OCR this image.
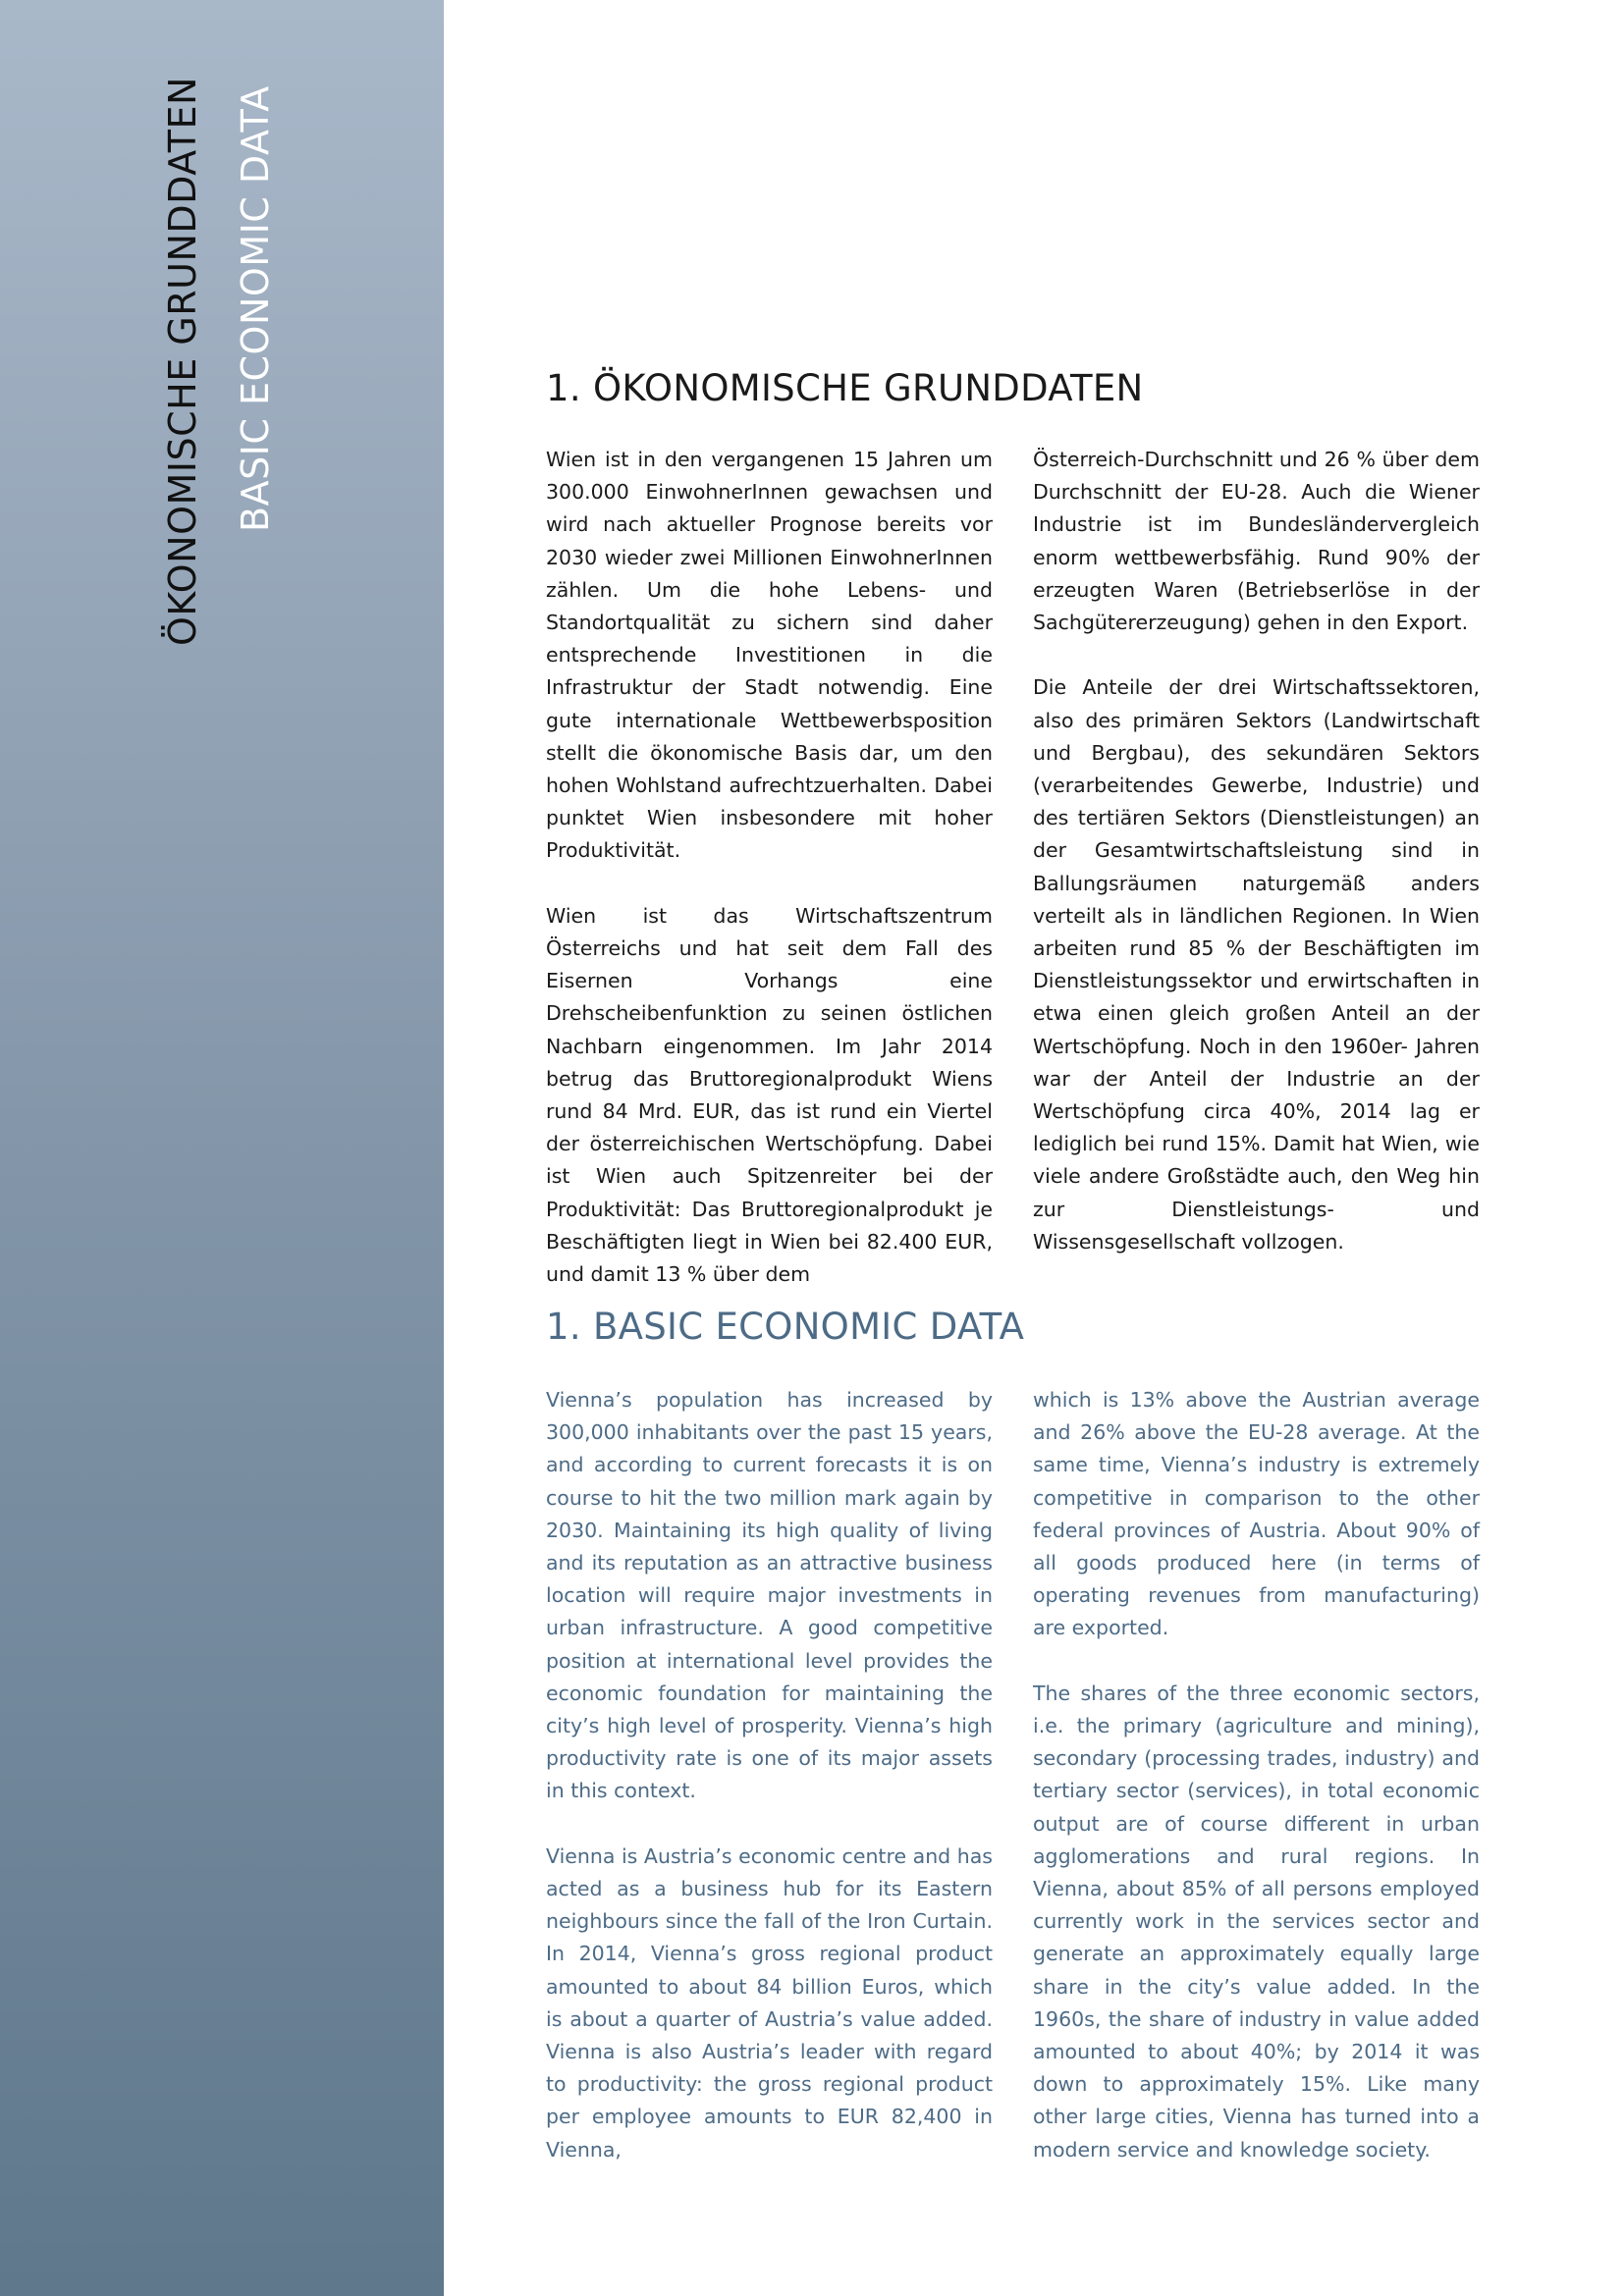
ÖKONOMISCHE GRUNDDATEN BASIC ECONOMIC DATA	1. ÖKONOMISCHE GRUNDDATEN

Wien ist in den vergangenen 15 Jahren um 300.000 EinwohnerInnen gewachsen und wird nach aktueller Prognose bereits vor 2030 wieder zwei Millionen EinwohnerInnen zählen. Um die hohe Lebens- und Standortqualität zu sichern sind daher entsprechende Investitionen in die Infrastruktur der Stadt notwendig. Eine gute internationale Wettbewerbsposition stellt die ökonomische Basis dar, um den hohen Wohlstand aufrechtzuerhalten. Dabei punktet Wien insbesondere mit hoher Produktivität.

Wien ist das Wirtschaftszentrum Österreichs und hat seit dem Fall des Eisernen Vorhangs eine Drehscheibenfunktion zu seinen östlichen Nachbarn eingenommen. Im Jahr 2014 betrug das Bruttoregionalprodukt Wiens rund 84 Mrd. EUR, das ist rund ein Viertel der österreichischen Wertschöpfung. Dabei ist Wien auch Spitzenreiter bei der Produktivität: Das Bruttoregionalprodukt je Beschäftigten liegt in Wien bei 82.400 EUR, und damit 13 % über dem

Österreich-Durchschnitt und 26 % über dem Durchschnitt der EU-28. Auch die Wiener Industrie ist im Bundesländervergleich enorm wettbewerbsfähig. Rund 90% der erzeugten Waren (Betriebserlöse in der Sachgütererzeugung) gehen in den Export.

Die Anteile der drei Wirtschaftssektoren, also des primären Sektors (Landwirtschaft und Bergbau), des sekundären Sektors (verarbeitendes Gewerbe, Industrie) und des tertiären Sektors (Dienstleistungen) an der Gesamtwirtschaftsleistung sind in Ballungsräumen naturgemäß anders verteilt als in ländlichen Regionen. In Wien arbeiten rund 85 % der Beschäftigten im Dienstleistungssektor und erwirtschaften in etwa einen gleich großen Anteil an der Wertschöpfung. Noch in den 1960er- Jahren war der Anteil der Industrie an der Wertschöpfung circa 40%, 2014 lag er lediglich bei rund 15%. Damit hat Wien, wie viele andere Großstädte auch, den Weg hin zur Dienstleistungs- und Wissensgesellschaft vollzogen.

1. BASIC ECONOMIC DATA

Vienna’s population has increased by 300,000 inhabitants over the past 15 years, and according to current forecasts it is on course to hit the two million mark again by 2030. Maintaining its high quality of living and its reputation as an attractive business location will require major investments in urban infrastructure. A good competitive position at international level provides the economic foundation for maintaining the city’s high level of prosperity. Vienna’s high productivity rate is one of its major assets in this context.

Vienna is Austria’s economic centre and has acted as a business hub for its Eastern neighbours since the fall of the Iron Curtain. In 2014, Vienna’s gross regional product amounted to about 84 billion Euros, which is about a quarter of Austria’s value added. Vienna is also Austria’s leader with regard to productivity: the gross regional product per employee amounts to EUR 82,400 in Vienna,

which is 13% above the Austrian average and 26% above the EU-28 average. At the same time, Vienna’s industry is extremely competitive in comparison to the other federal provinces of Austria. About 90% of all goods produced here (in terms of operating revenues from manufacturing) are exported.

The shares of the three economic sectors, i.e. the primary (agriculture and mining), secondary (processing trades, industry) and tertiary sector (services), in total economic output are of course different in urban agglomerations and rural regions. In Vienna, about 85% of all persons employed currently work in the services sector and generate an approximately equally large share in the city’s value added. In the 1960s, the share of industry in value added amounted to about 40%; by 2014 it was down to approximately 15%. Like many other large cities, Vienna has turned into a modern service and knowledge society.
